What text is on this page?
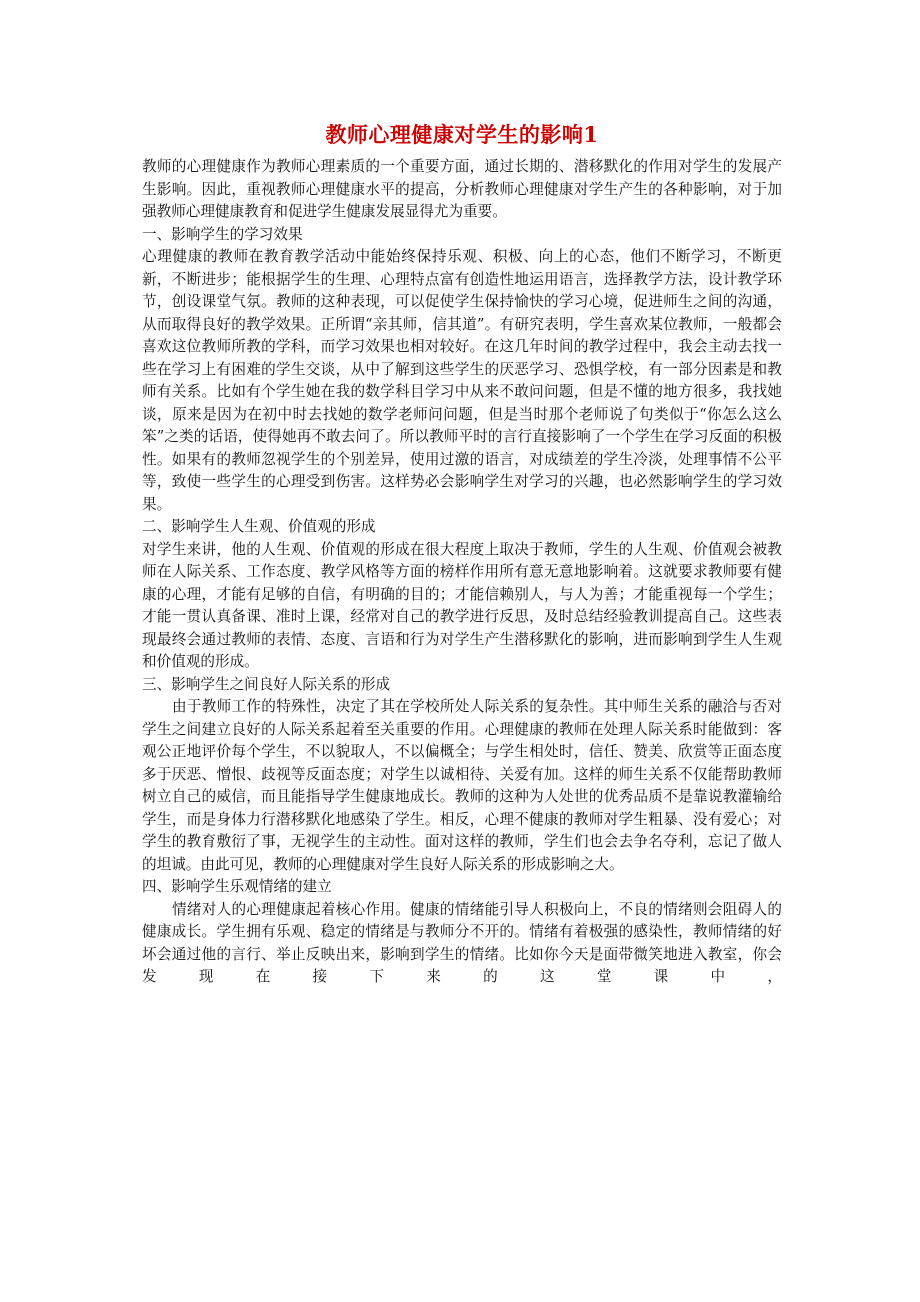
教师心理健康对学生的影响1

教师的心理健康作为教师心理素质的一个重要方面，通过长期的、潜移默化的作用对学生的发展产生影响。因此，重视教师心理健康水平的提高，分析教师心理健康对学生产生的各种影响，对于加强教师心理健康教育和促进学生健康发展显得尤为重要。

一、影响学生的学习效果

心理健康的教师在教育教学活动中能始终保持乐观、积极、向上的心态，他们不断学习，不断更新，不断进步；能根据学生的生理、心理特点富有创造性地运用语言，选择教学方法，设计教学环节，创设课堂气氛。教师的这种表现，可以促使学生保持愉快的学习心境，促进师生之间的沟通，从而取得良好的教学效果。正所谓“亲其师，信其道”。有研究表明，学生喜欢某位教师，一般都会喜欢这位教师所教的学科，而学习效果也相对较好。在这几年时间的教学过程中，我会主动去找一些在学习上有困难的学生交谈，从中了解到这些学生的厌恶学习、恐惧学校，有一部分因素是和教师有关系。比如有个学生她在我的数学科目学习中从来不敢问问题，但是不懂的地方很多，我找她谈，原来是因为在初中时去找她的数学老师问问题，但是当时那个老师说了句类似于“你怎么这么笨”之类的话语，使得她再不敢去问了。所以教师平时的言行直接影响了一个学生在学习反面的积极性。如果有的教师忽视学生的个别差异，使用过激的语言，对成绩差的学生冷淡，处理事情不公平等，致使一些学生的心理受到伤害。这样势必会影响学生对学习的兴趣，也必然影响学生的学习效果。

二、影响学生人生观、价值观的形成

对学生来讲，他的人生观、价值观的形成在很大程度上取决于教师，学生的人生观、价值观会被教师在人际关系、工作态度、教学风格等方面的榜样作用所有意无意地影响着。这就要求教师要有健康的心理，才能有足够的自信，有明确的目的；才能信赖别人，与人为善；才能重视每一个学生；才能一贯认真备课、准时上课，经常对自己的教学进行反思，及时总结经验教训提高自己。这些表现最终会通过教师的表情、态度、言语和行为对学生产生潜移默化的影响，进而影响到学生人生观和价值观的形成。

三、影响学生之间良好人际关系的形成

由于教师工作的特殊性，决定了其在学校所处人际关系的复杂性。其中师生关系的融洽与否对学生之间建立良好的人际关系起着至关重要的作用。心理健康的教师在处理人际关系时能做到：客观公正地评价每个学生，不以貌取人，不以偏概全；与学生相处时，信任、赞美、欣赏等正面态度多于厌恶、憎恨、歧视等反面态度；对学生以诚相待、关爱有加。这样的师生关系不仅能帮助教师树立自己的威信，而且能指导学生健康地成长。教师的这种为人处世的优秀品质不是靠说教灌输给学生，而是身体力行潜移默化地感染了学生。相反，心理不健康的教师对学生粗暴、没有爱心；对学生的教育敷衍了事，无视学生的主动性。面对这样的教师，学生们也会去争名夺利，忘记了做人的坦诚。由此可见，教师的心理健康对学生良好人际关系的形成影响之大。

四、影响学生乐观情绪的建立

情绪对人的心理健康起着核心作用。健康的情绪能引导人积极向上，不良的情绪则会阻碍人的健康成长。学生拥有乐观、稳定的情绪是与教师分不开的。情绪有着极强的感染性，教师情绪的好坏会通过他的言行、举止反映出来，影响到学生的情绪。比如你今天是面带微笑地进入教室，你会发现在接下来的这堂课中，
